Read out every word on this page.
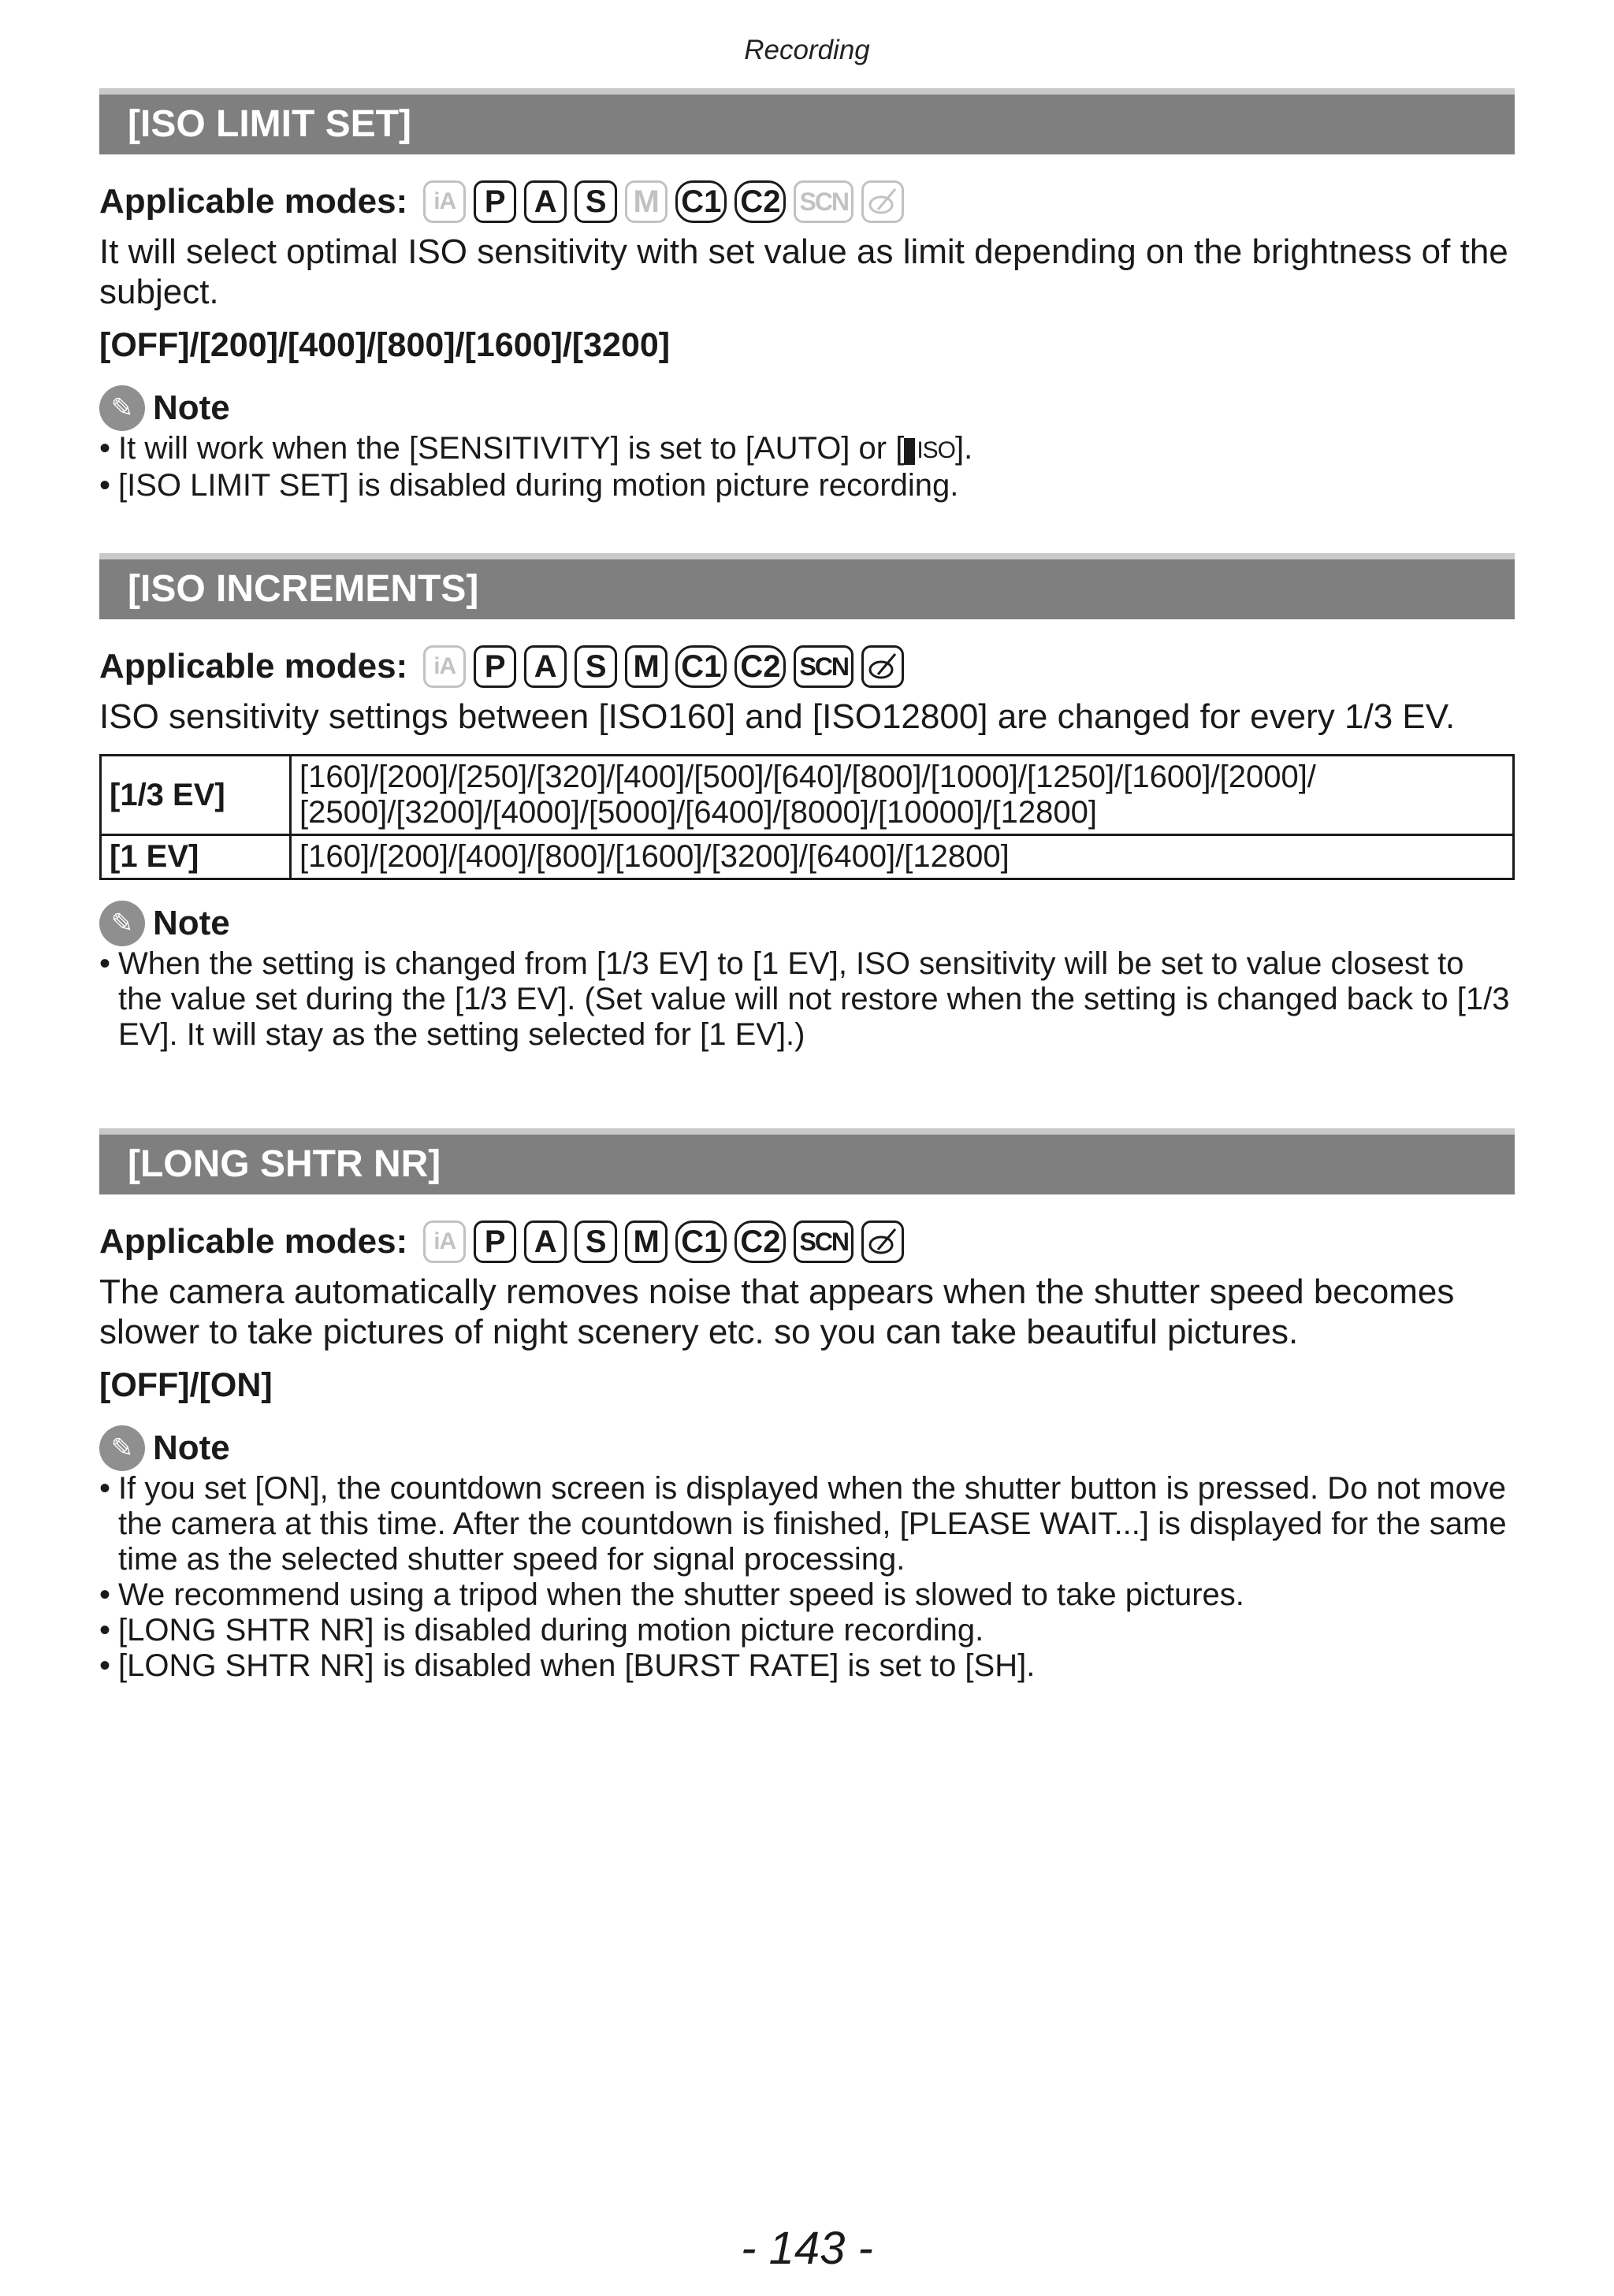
Recording
[ISO LIMIT SET]
Applicable modes:	iA P A S M C1 C2 SCN
It will select optimal ISO sensitivity with set value as limit depending on the brightness of the subject.
[OFF]/[200]/[400]/[800]/[1600]/[3200]
✎ Note
• It will work when the [SENSITIVITY] is set to [AUTO] or [ ISO].
• [ISO LIMIT SET] is disabled during motion picture recording.
[ISO INCREMENTS]
Applicable modes:	iA P A S M C1 C2 SCN
ISO sensitivity settings between [ISO160] and [ISO12800] are changed for every 1/3 EV.
[1/3 EV]	[160]/[200]/[250]/[320]/[400]/[500]/[640]/[800]/[1000]/[1250]/[1600]/[2000]/
[2500]/[3200]/[4000]/[5000]/[6400]/[8000]/[10000]/[12800]

[1 EV]	[160]/[200]/[400]/[800]/[1600]/[3200]/[6400]/[12800]
✎ Note
• When the setting is changed from [1/3 EV] to [1 EV], ISO sensitivity will be set to value closest to the value set during the [1/3 EV]. (Set value will not restore when the setting is changed back to [1/3 EV]. It will stay as the setting selected for [1 EV].)
[LONG SHTR NR]
Applicable modes:	iA P A S M C1 C2 SCN
The camera automatically removes noise that appears when the shutter speed becomes slower to take pictures of night scenery etc. so you can take beautiful pictures.
[OFF]/[ON]
✎ Note
• If you set [ON], the countdown screen is displayed when the shutter button is pressed. Do not move the camera at this time. After the countdown is finished, [PLEASE WAIT...] is displayed for the same time as the selected shutter speed for signal processing.
• We recommend using a tripod when the shutter speed is slowed to take pictures.
• [LONG SHTR NR] is disabled during motion picture recording.
• [LONG SHTR NR] is disabled when [BURST RATE] is set to [SH].
- 143 -
